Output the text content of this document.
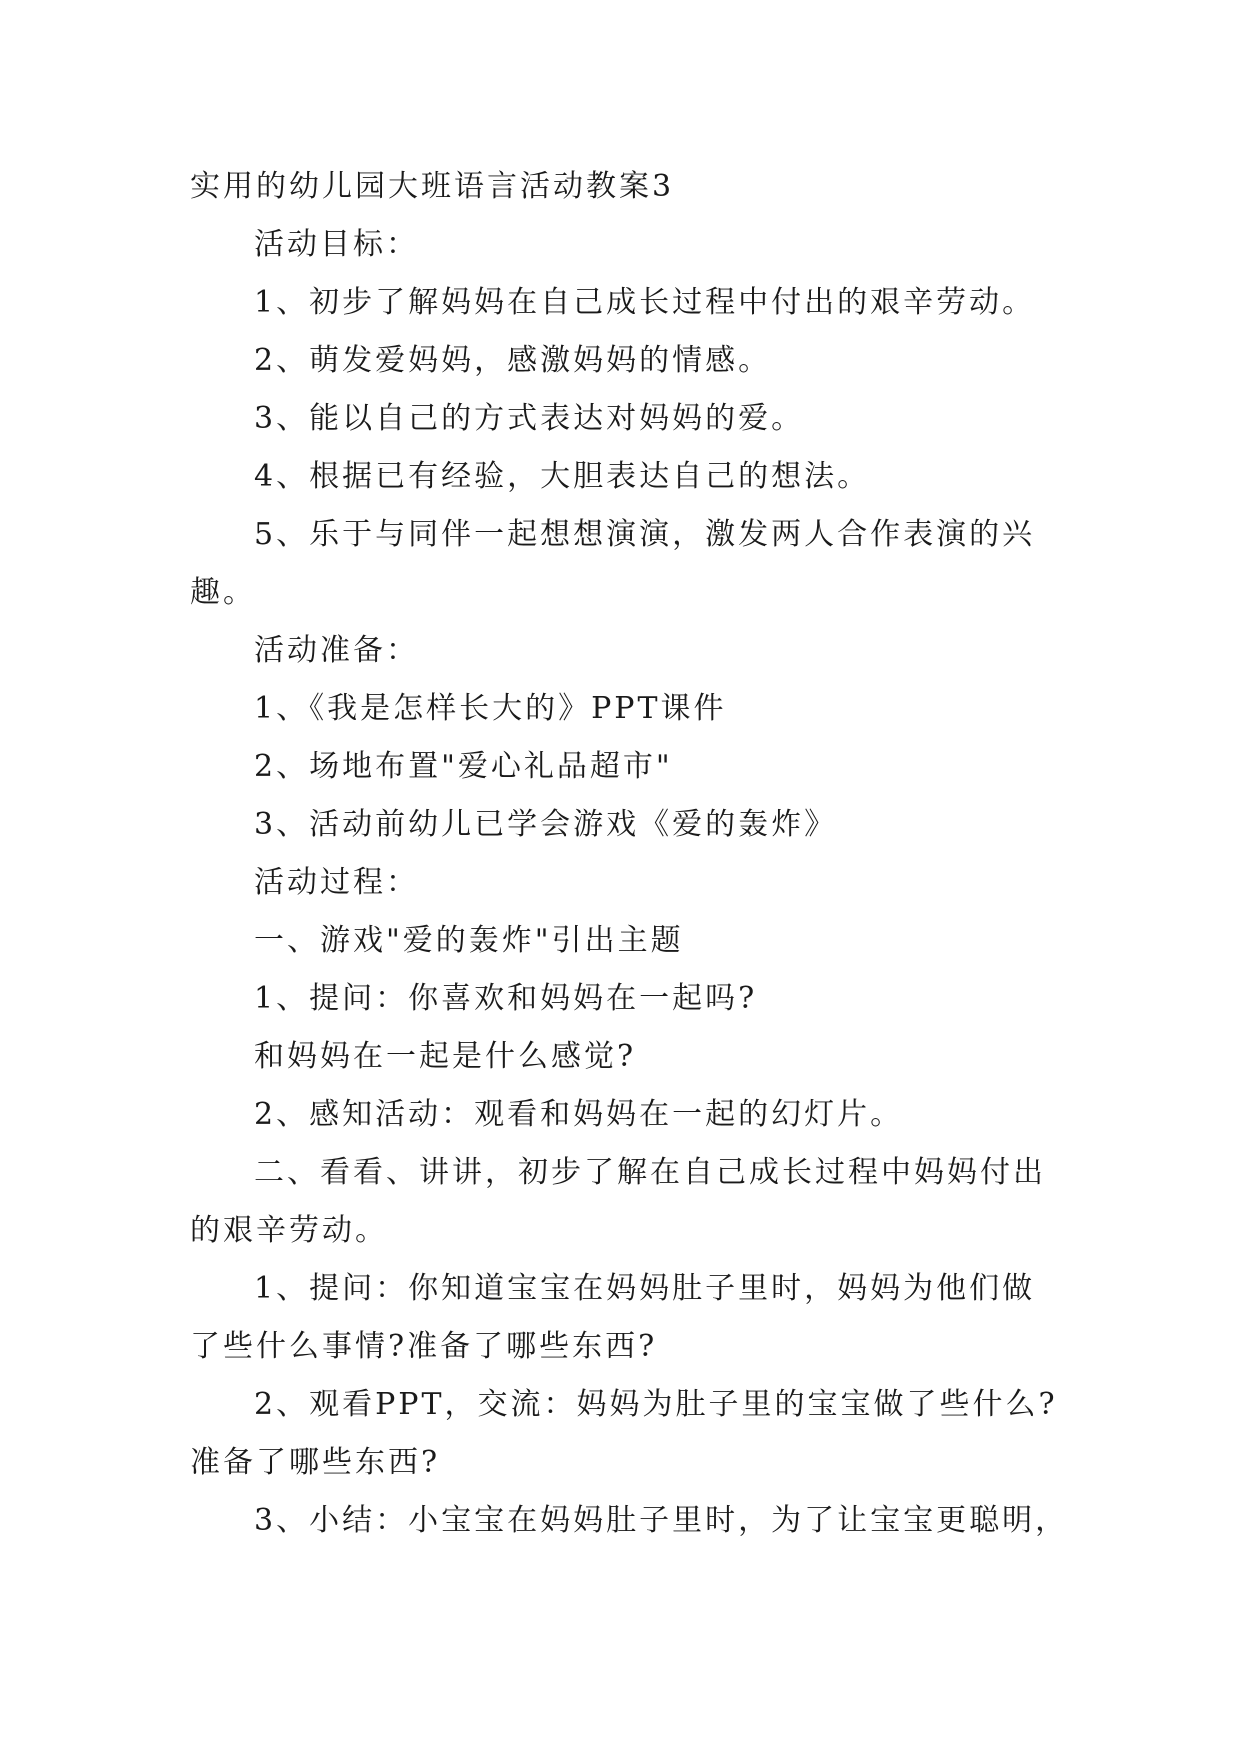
实用的幼儿园大班语言活动教案3

活动目标：

1、初步了解妈妈在自己成长过程中付出的艰辛劳动。

2、萌发爱妈妈，感激妈妈的情感。

3、能以自己的方式表达对妈妈的爱。

4、根据已有经验，大胆表达自己的想法。

5、乐于与同伴一起想想演演，激发两人合作表演的兴

趣。

活动准备：

1、《我是怎样长大的》PPT课件

2、场地布置"爱心礼品超市"

3、活动前幼儿已学会游戏《爱的轰炸》

活动过程：

一、游戏"爱的轰炸"引出主题

1、提问：你喜欢和妈妈在一起吗?

和妈妈在一起是什么感觉?

2、感知活动：观看和妈妈在一起的幻灯片。

二、看看、讲讲，初步了解在自己成长过程中妈妈付出

的艰辛劳动。

1、提问：你知道宝宝在妈妈肚子里时，妈妈为他们做

了些什么事情?准备了哪些东西?

2、观看PPT，交流：妈妈为肚子里的宝宝做了些什么?

准备了哪些东西?

3、小结：小宝宝在妈妈肚子里时，为了让宝宝更聪明，
